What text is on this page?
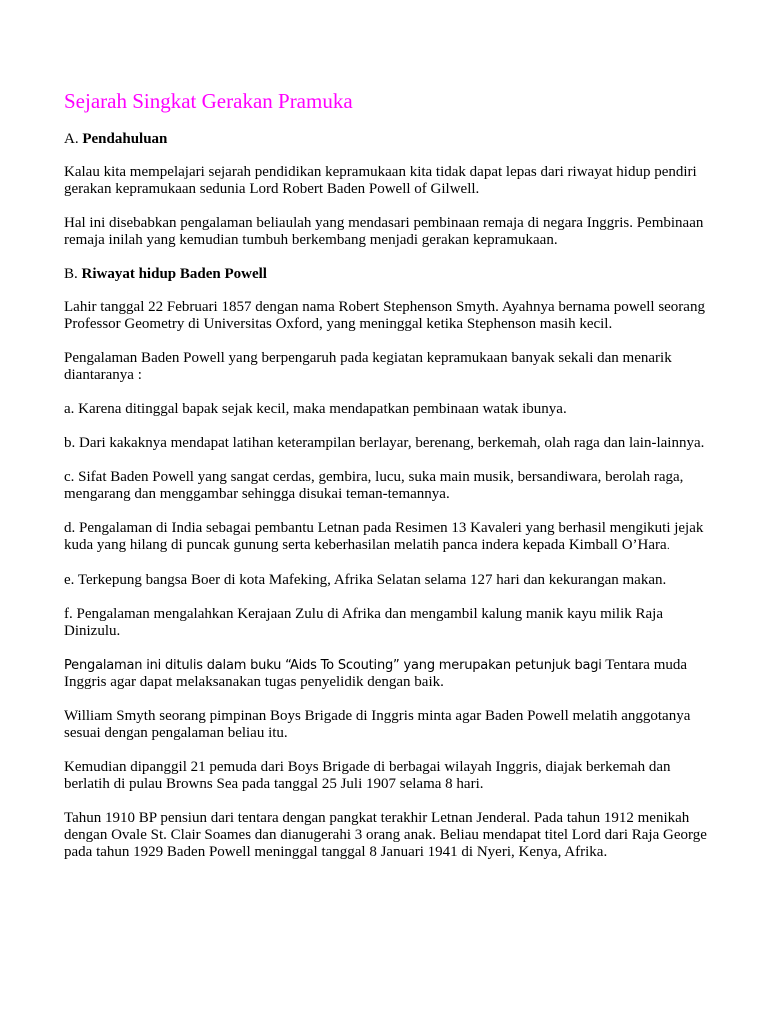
Sejarah Singkat Gerakan Pramuka
A. Pendahuluan

Kalau kita mempelajari sejarah pendidikan kepramukaan kita tidak dapat lepas dari riwayat hidup pendiri gerakan kepramukaan sedunia Lord Robert Baden Powell of Gilwell.

Hal ini disebabkan pengalaman beliaulah yang mendasari pembinaan remaja di negara Inggris. Pembinaan remaja inilah yang kemudian tumbuh berkembang menjadi gerakan kepramukaan.

B. Riwayat hidup Baden Powell

Lahir tanggal 22 Februari 1857 dengan nama Robert Stephenson Smyth. Ayahnya bernama powell seorang Professor Geometry di Universitas Oxford, yang meninggal ketika Stephenson masih kecil.

Pengalaman Baden Powell yang berpengaruh pada kegiatan kepramukaan banyak sekali dan menarik diantaranya :

a. Karena ditinggal bapak sejak kecil, maka mendapatkan pembinaan watak ibunya.

b. Dari kakaknya mendapat latihan keterampilan berlayar, berenang, berkemah, olah raga dan lain-lainnya.

c. Sifat Baden Powell yang sangat cerdas, gembira, lucu, suka main musik, bersandiwara, berolah raga, mengarang dan menggambar sehingga disukai teman-temannya.

d. Pengalaman di India sebagai pembantu Letnan pada Resimen 13 Kavaleri yang berhasil mengikuti jejak kuda yang hilang di puncak gunung serta keberhasilan melatih panca indera kepada Kimball O’Hara.

e. Terkepung bangsa Boer di kota Mafeking, Afrika Selatan selama 127 hari dan kekurangan makan.

f. Pengalaman mengalahkan Kerajaan Zulu di Afrika dan mengambil kalung manik kayu milik Raja Dinizulu.

Pengalaman ini ditulis dalam buku “Aids To Scouting” yang merupakan petunjuk bagi Tentara muda Inggris agar dapat melaksanakan tugas penyelidik dengan baik.

William Smyth seorang pimpinan Boys Brigade di Inggris minta agar Baden Powell melatih anggotanya sesuai dengan pengalaman beliau itu.

Kemudian dipanggil 21 pemuda dari Boys Brigade di berbagai wilayah Inggris, diajak berkemah dan berlatih di pulau Browns Sea pada tanggal 25 Juli 1907 selama 8 hari.

Tahun 1910 BP pensiun dari tentara dengan pangkat terakhir Letnan Jenderal. Pada tahun 1912 menikah dengan Ovale St. Clair Soames dan dianugerahi 3 orang anak. Beliau mendapat titel Lord dari Raja George pada tahun 1929 Baden Powell meninggal tanggal 8 Januari 1941 di Nyeri, Kenya, Afrika.
